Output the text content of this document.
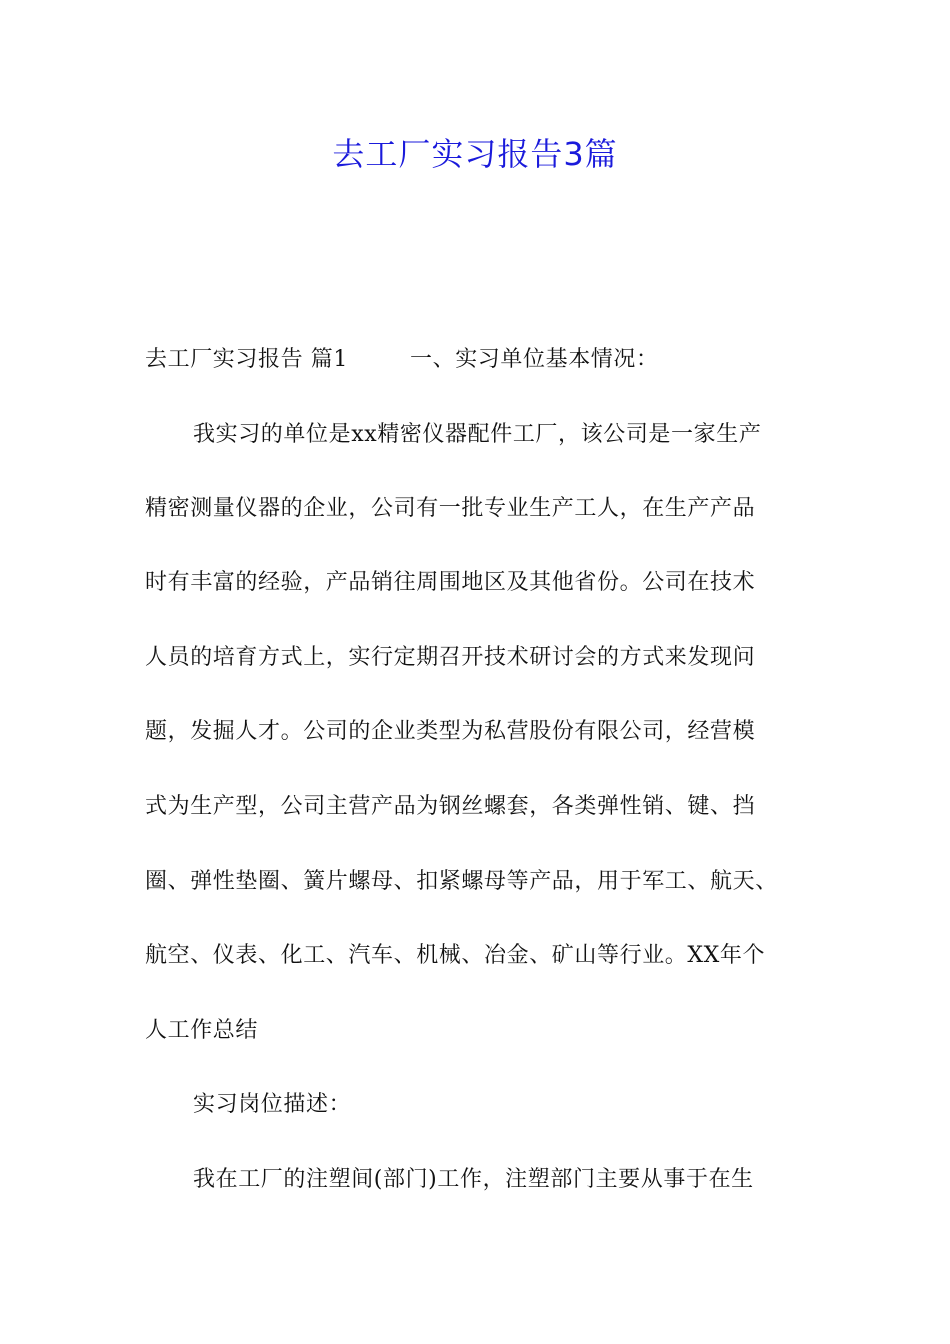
去工厂实习报告3篇

去工厂实习报告 篇1	一、实习单位基本情况：

我实习的单位是xx精密仪器配件工厂，该公司是一家生产

精密测量仪器的企业，公司有一批专业生产工人，在生产产品

时有丰富的经验，产品销往周围地区及其他省份。公司在技术

人员的培育方式上，实行定期召开技术研讨会的方式来发现问

题，发掘人才。公司的企业类型为私营股份有限公司，经营模

式为生产型，公司主营产品为钢丝螺套，各类弹性销、键、挡

圈、弹性垫圈、簧片螺母、扣紧螺母等产品，用于军工、航天、

航空、仪表、化工、汽车、机械、冶金、矿山等行业。XX年个

人工作总结

实习岗位描述：

我在工厂的注塑间(部门)工作，注塑部门主要从事于在生
